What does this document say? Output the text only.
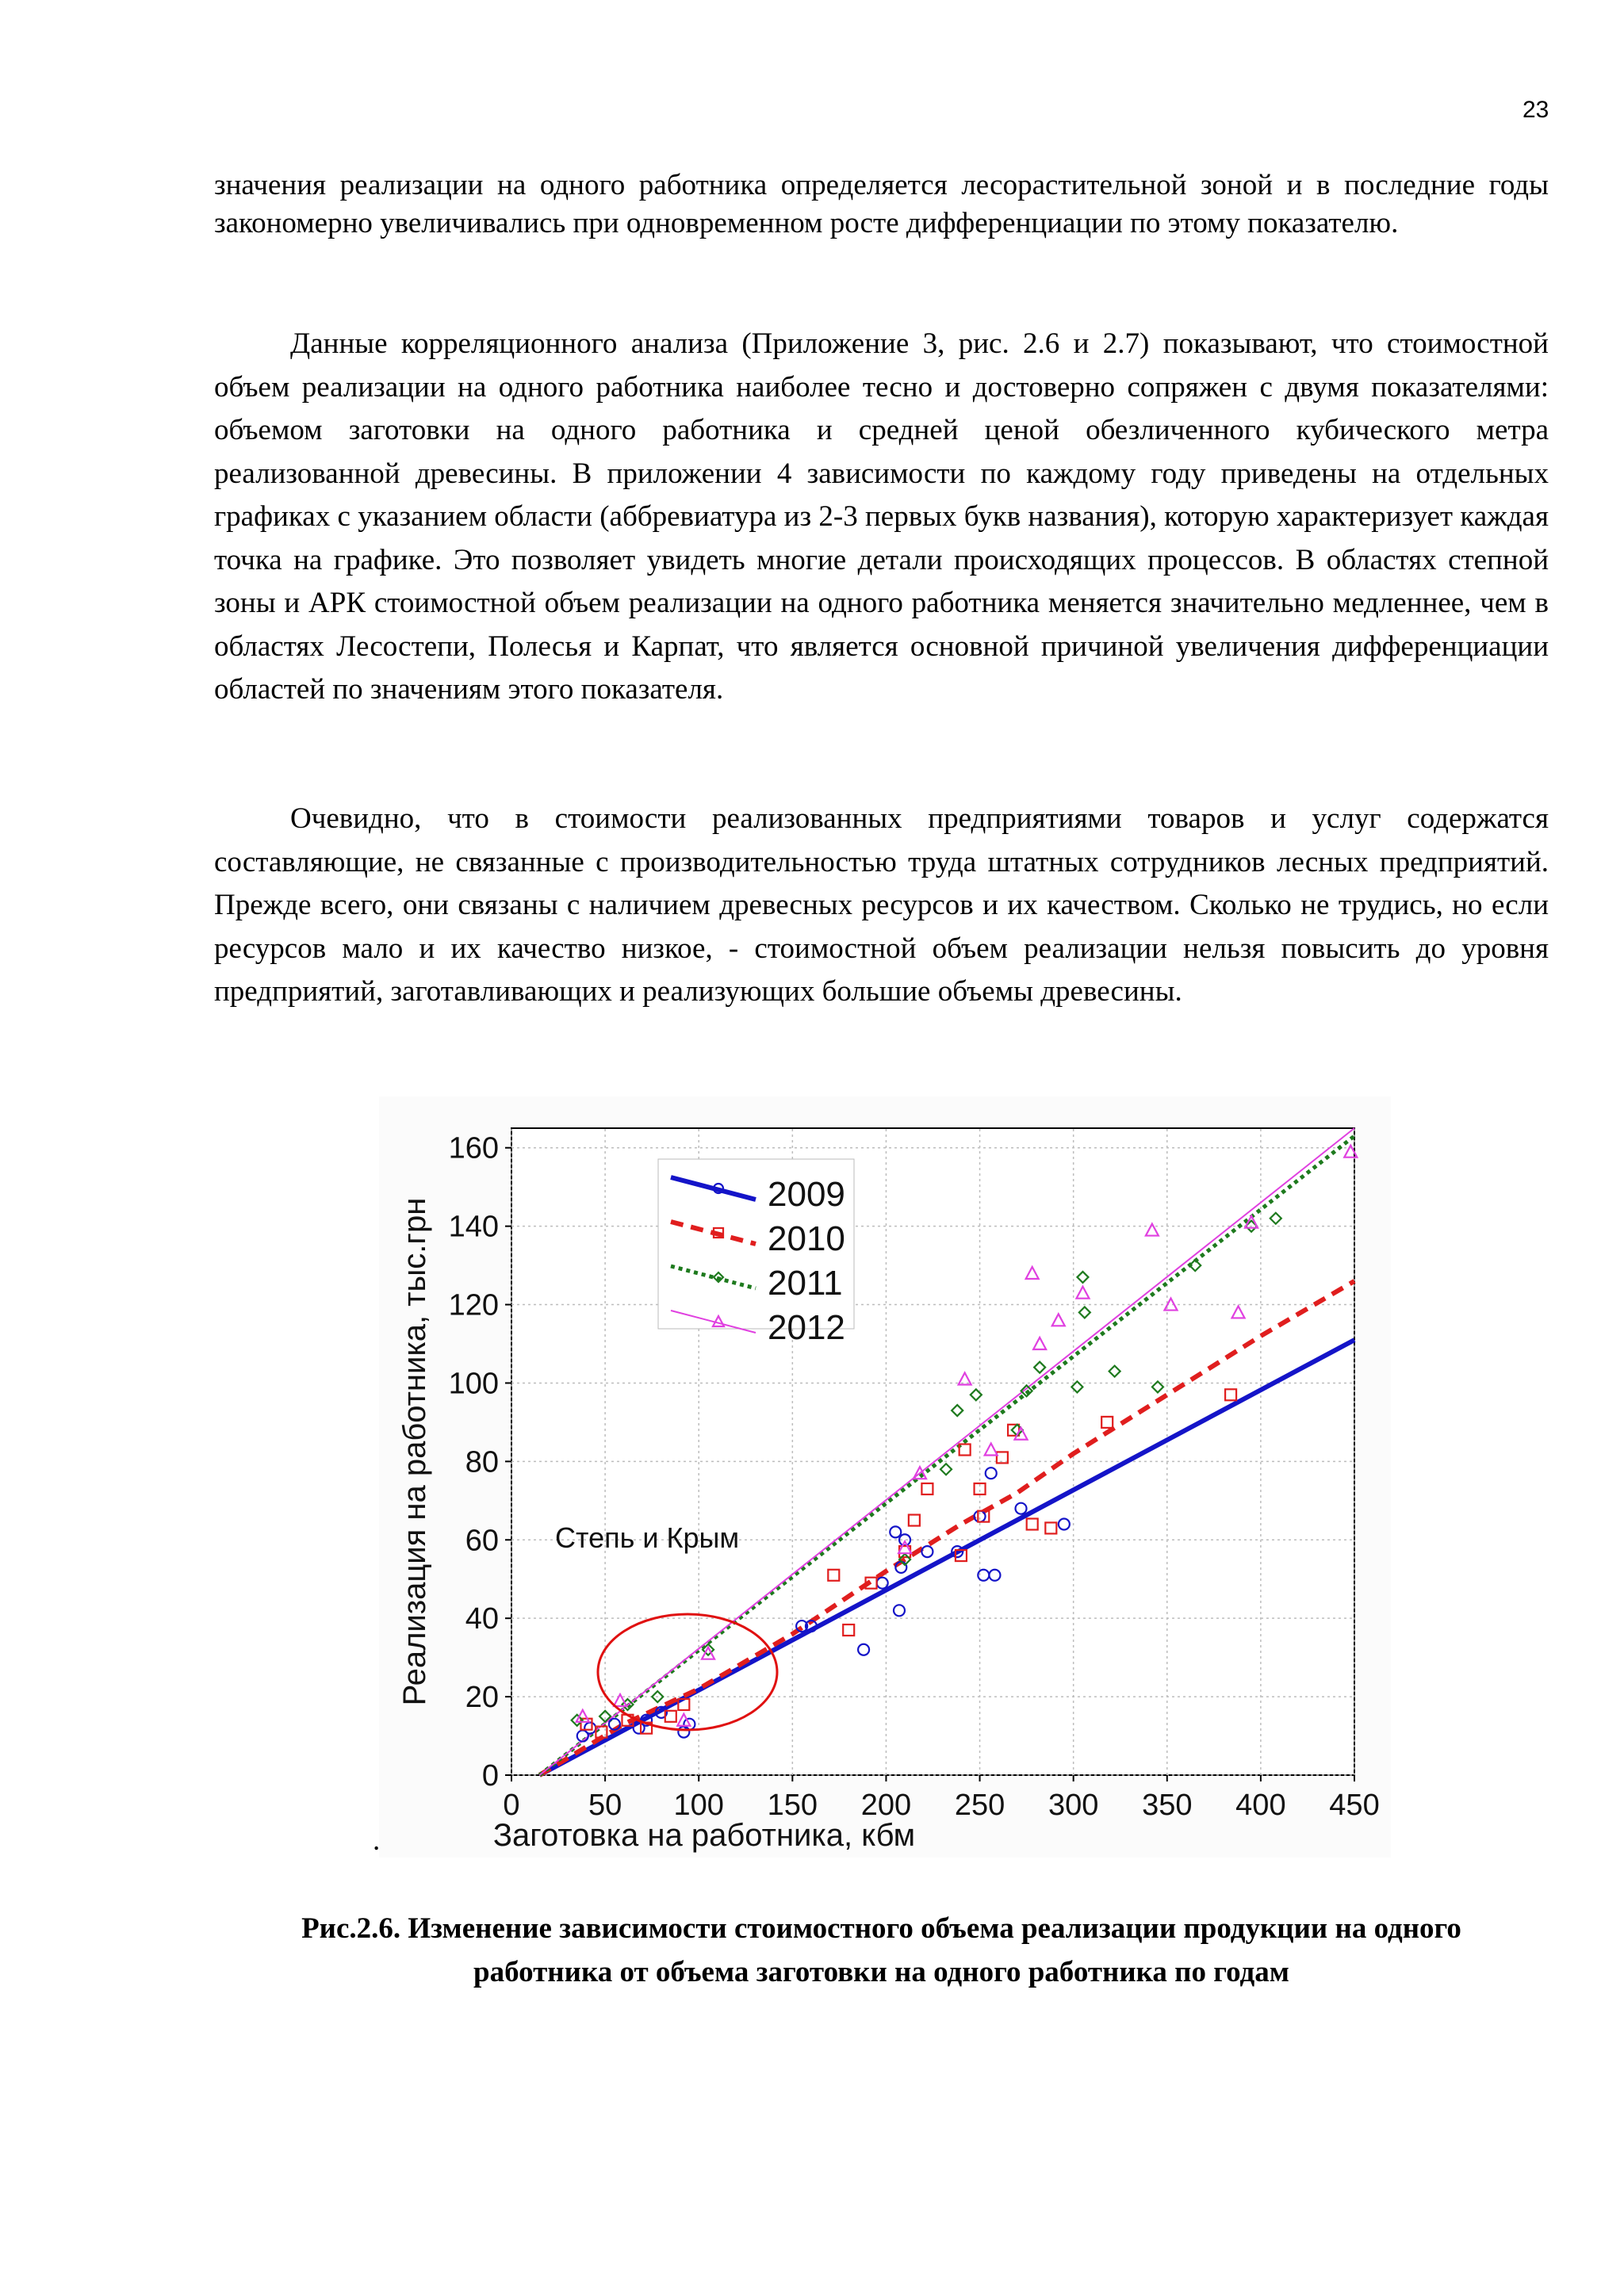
23
значения реализации на одного работника определяется лесорастительной зоной и в последние годы закономерно увеличивались при одновременном росте дифференциации по этому показателю.
Данные корреляционного анализа (Приложение 3, рис. 2.6 и 2.7) показывают, что стоимостной объем реализации на одного работника наиболее тесно и достоверно сопряжен с двумя показателями: объемом заготовки на одного работника и средней ценой обезличенного кубического метра реализованной древесины. В приложении 4 зависимости по каждому году приведены на отдельных графиках с указанием области (аббревиатура из 2-3 первых букв названия), которую характеризует каждая точка на графике. Это позволяет увидеть многие детали происходящих процессов. В областях степной зоны и АРК стоимостной объем реализации на одного работника меняется значительно медленнее, чем в областях Лесостепи, Полесья и Карпат, что является основной причиной увеличения дифференциации областей по значениям этого показателя.
Очевидно, что в стоимости реализованных предприятиями товаров и услуг содержатся составляющие, не связанные с производительностью труда штатных сотрудников лесных предприятий. Прежде всего, они связаны с наличием древесных ресурсов и их качеством. Сколько не трудись, но если ресурсов мало и их качество низкое, - стоимостной объем реализации нельзя повысить до уровня предприятий, заготавливающих и реализующих большие объемы древесины.
0
20
40
60
80
100
120
140
160
0 50 100 150 200 250 300 350 400 450
Степь и Крым
Заготовка на работника, кбм
Реализация на работника, тыс.грн
2009
2010
2011
2012
.
Рис.2.6. Изменение зависимости стоимостного объема реализации продукции на одного
работника от объема заготовки на одного работника по годам
